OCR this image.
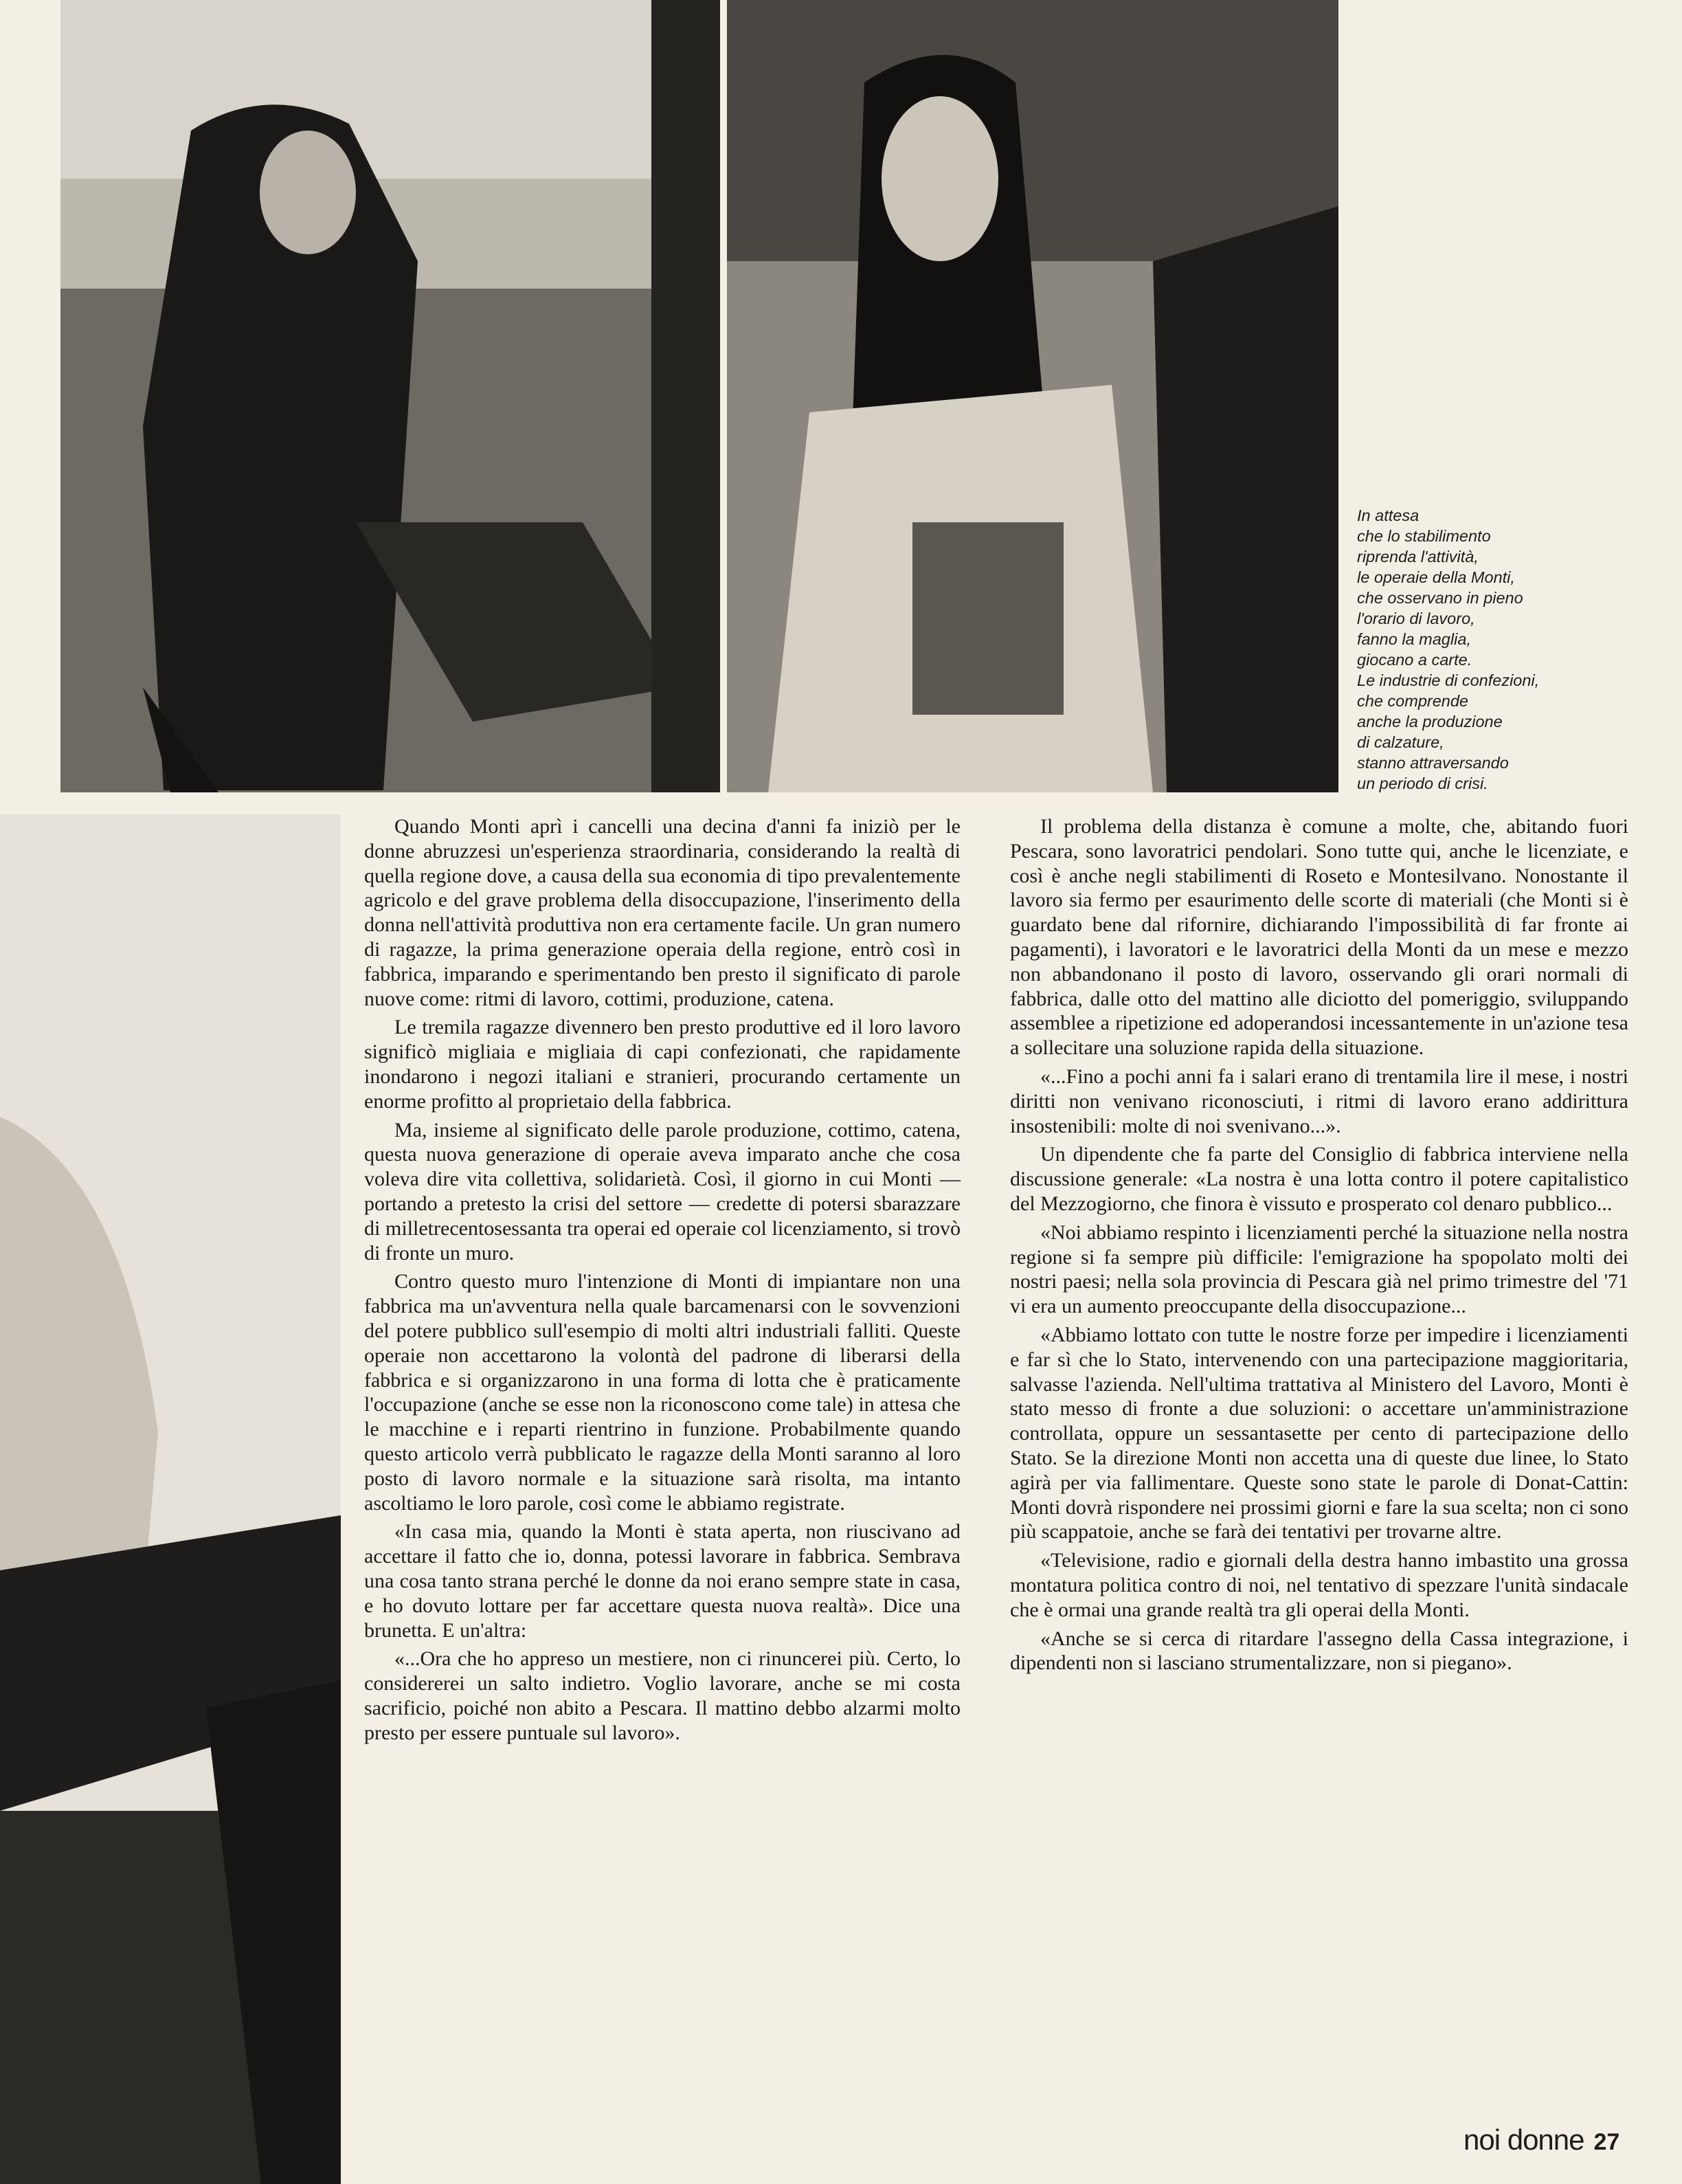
In attesa
che lo stabilimento
riprenda l'attività,
le operaie della Monti,
che osservano in pieno
l'orario di lavoro,
fanno la maglia,
giocano a carte.
Le industrie di confezioni,
che comprende
anche la produzione
di calzature,
stanno attraversando
un periodo di crisi.

Quando Monti aprì i cancelli una decina d'anni fa iniziò per le donne abruzzesi un'esperienza straordinaria, considerando la realtà di quella regione dove, a causa della sua economia di tipo prevalentemente agricolo e del grave problema della disoccupazione, l'inserimento della donna nell'attività produttiva non era certamente facile. Un gran numero di ragazze, la prima generazione operaia della regione, entrò così in fabbrica, imparando e sperimentando ben presto il significato di parole nuove come: ritmi di lavoro, cottimi, produzione, catena.

Le tremila ragazze divennero ben presto produttive ed il loro lavoro significò migliaia e migliaia di capi confezionati, che rapidamente inondarono i negozi italiani e stranieri, procurando certamente un enorme profitto al proprietaio della fabbrica.

Ma, insieme al significato delle parole produzione, cottimo, catena, questa nuova generazione di operaie aveva imparato anche che cosa voleva dire vita collettiva, solidarietà. Così, il giorno in cui Monti — portando a pretesto la crisi del settore — credette di potersi sbarazzare di milletrecentosessanta tra operai ed operaie col licenziamento, si trovò di fronte un muro.

Contro questo muro l'intenzione di Monti di impiantare non una fabbrica ma un'avventura nella quale barcamenarsi con le sovvenzioni del potere pubblico sull'esempio di molti altri industriali falliti. Queste operaie non accettarono la volontà del padrone di liberarsi della fabbrica e si organizzarono in una forma di lotta che è praticamente l'occupazione (anche se esse non la riconoscono come tale) in attesa che le macchine e i reparti rientrino in funzione. Probabilmente quando questo articolo verrà pubblicato le ragazze della Monti saranno al loro posto di lavoro normale e la situazione sarà risolta, ma intanto ascoltiamo le loro parole, così come le abbiamo registrate.

«In casa mia, quando la Monti è stata aperta, non riuscivano ad accettare il fatto che io, donna, potessi lavorare in fabbrica. Sembrava una cosa tanto strana perché le donne da noi erano sempre state in casa, e ho dovuto lottare per far accettare questa nuova realtà». Dice una brunetta. E un'altra:

«...Ora che ho appreso un mestiere, non ci rinuncerei più. Certo, lo considererei un salto indietro. Voglio lavorare, anche se mi costa sacrificio, poiché non abito a Pescara. Il mattino debbo alzarmi molto presto per essere puntuale sul lavoro».

Il problema della distanza è comune a molte, che, abitando fuori Pescara, sono lavoratrici pendolari. Sono tutte qui, anche le licenziate, e così è anche negli stabilimenti di Roseto e Montesilvano. Nonostante il lavoro sia fermo per esaurimento delle scorte di materiali (che Monti si è guardato bene dal rifornire, dichiarando l'impossibilità di far fronte ai pagamenti), i lavoratori e le lavoratrici della Monti da un mese e mezzo non abbandonano il posto di lavoro, osservando gli orari normali di fabbrica, dalle otto del mattino alle diciotto del pomeriggio, sviluppando assemblee a ripetizione ed adoperandosi incessantemente in un'azione tesa a sollecitare una soluzione rapida della situazione.

«...Fino a pochi anni fa i salari erano di trentamila lire il mese, i nostri diritti non venivano riconosciuti, i ritmi di lavoro erano addirittura insostenibili: molte di noi svenivano...».

Un dipendente che fa parte del Consiglio di fabbrica interviene nella discussione generale: «La nostra è una lotta contro il potere capitalistico del Mezzogiorno, che finora è vissuto e prosperato col denaro pubblico...

«Noi abbiamo respinto i licenziamenti perché la situazione nella nostra regione si fa sempre più difficile: l'emigrazione ha spopolato molti dei nostri paesi; nella sola provincia di Pescara già nel primo trimestre del '71 vi era un aumento preoccupante della disoccupazione...

«Abbiamo lottato con tutte le nostre forze per impedire i licenziamenti e far sì che lo Stato, intervenendo con una partecipazione maggioritaria, salvasse l'azienda. Nell'ultima trattativa al Ministero del Lavoro, Monti è stato messo di fronte a due soluzioni: o accettare un'amministrazione controllata, oppure un sessantasette per cento di partecipazione dello Stato. Se la direzione Monti non accetta una di queste due linee, lo Stato agirà per via fallimentare. Queste sono state le parole di Donat-Cattin: Monti dovrà rispondere nei prossimi giorni e fare la sua scelta; non ci sono più scappatoie, anche se farà dei tentativi per trovarne altre.

«Televisione, radio e giornali della destra hanno imbastito una grossa montatura politica contro di noi, nel tentativo di spezzare l'unità sindacale che è ormai una grande realtà tra gli operai della Monti.

«Anche se si cerca di ritardare l'assegno della Cassa integrazione, i dipendenti non si lasciano strumentalizzare, non si piegano».

noi donne 27
